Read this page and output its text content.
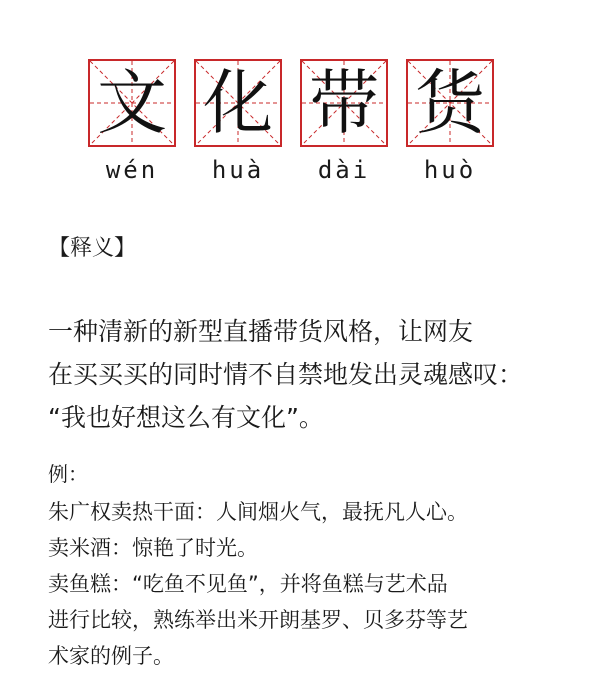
文 化 带 货
wén	huà	dài	huò
【释义】
一种清新的新型直播带货风格，让网友
在买买买的同时情不自禁地发出灵魂感叹：
“我也好想这么有文化”。
例：
朱广权卖热干面：人间烟火气，最抚凡人心。
卖米酒：惊艳了时光。
卖鱼糕：“吃鱼不见鱼”，并将鱼糕与艺术品
进行比较，熟练举出米开朗基罗、贝多芬等艺
术家的例子。
